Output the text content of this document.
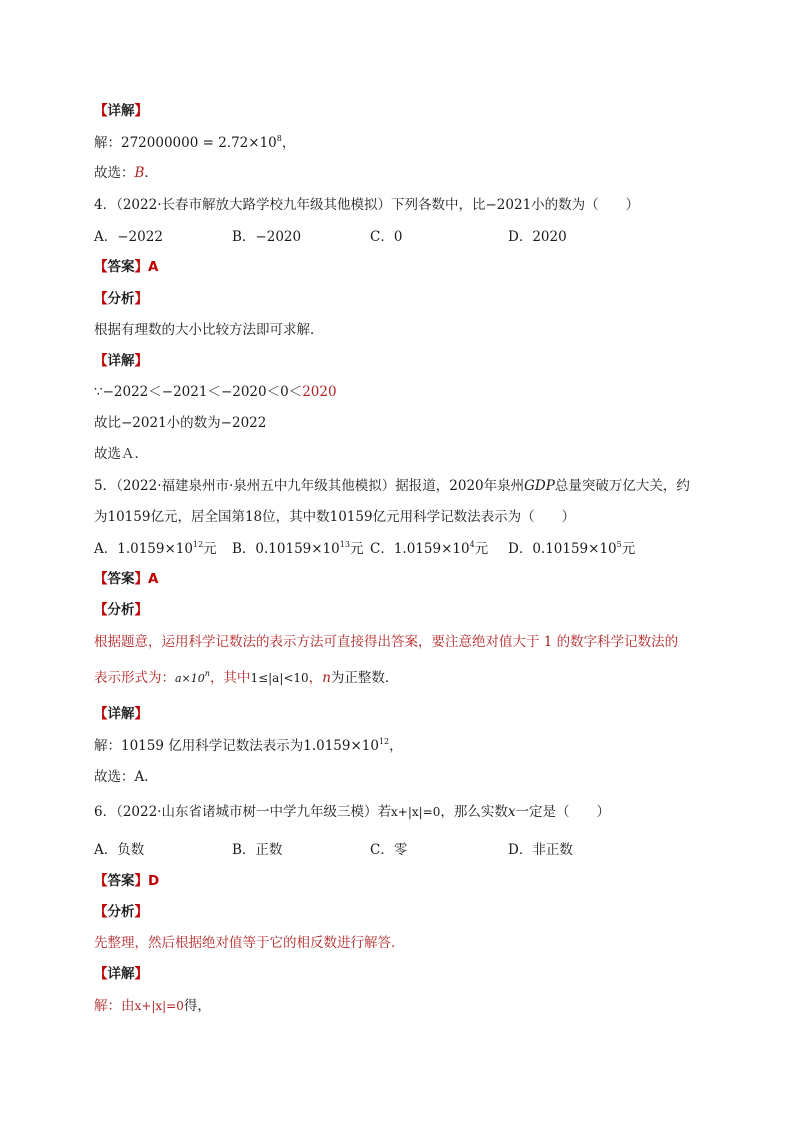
【详解】
解：$272000000 = 2.72\times 10^8$，
故选：B．
4．（2022·长春市解放大路学校九年级其他模拟）下列各数中，比−2021小的数为（　　）
A．−2022	B．−2020	C．0	D．2020
【答案】A
【分析】
根据有理数的大小比较方法即可求解．
【详解】
∵−2022＜−2021＜−2020＜0＜2020
故比−2021小的数为−2022
故选Ａ．
5．（2022·福建泉州市·泉州五中九年级其他模拟）据报道，2020年泉州GDP总量突破万亿大关，约
为10159亿元，居全国第18位，其中数10159亿元用科学记数法表示为（　　）
A．$1.0159\times 10^{12}$元 B．$0.10159\times 10^{13}$元 C．$1.0159\times 10^4$元 D．$0.10159\times 10^5$元
【答案】A
【分析】
根据题意，运用科学记数法的表示方法可直接得出答案，要注意绝对值大于 1 的数字科学记数法的
表示形式为：$a\times 10^n$，其中1≤|a|<10，n为正整数．
【详解】
解：10159 亿用科学记数法表示为$1.0159\times 10^{12}$，
故选：A．
6．（2022·山东省诸城市树一中学九年级三模）若x+|x|=0，那么实数x一定是（　　）
A．负数	B．正数	C．零	D．非正数
【答案】D
【分析】
先整理，然后根据绝对值等于它的相反数进行解答．
【详解】
解：由x+|x|=0得，
